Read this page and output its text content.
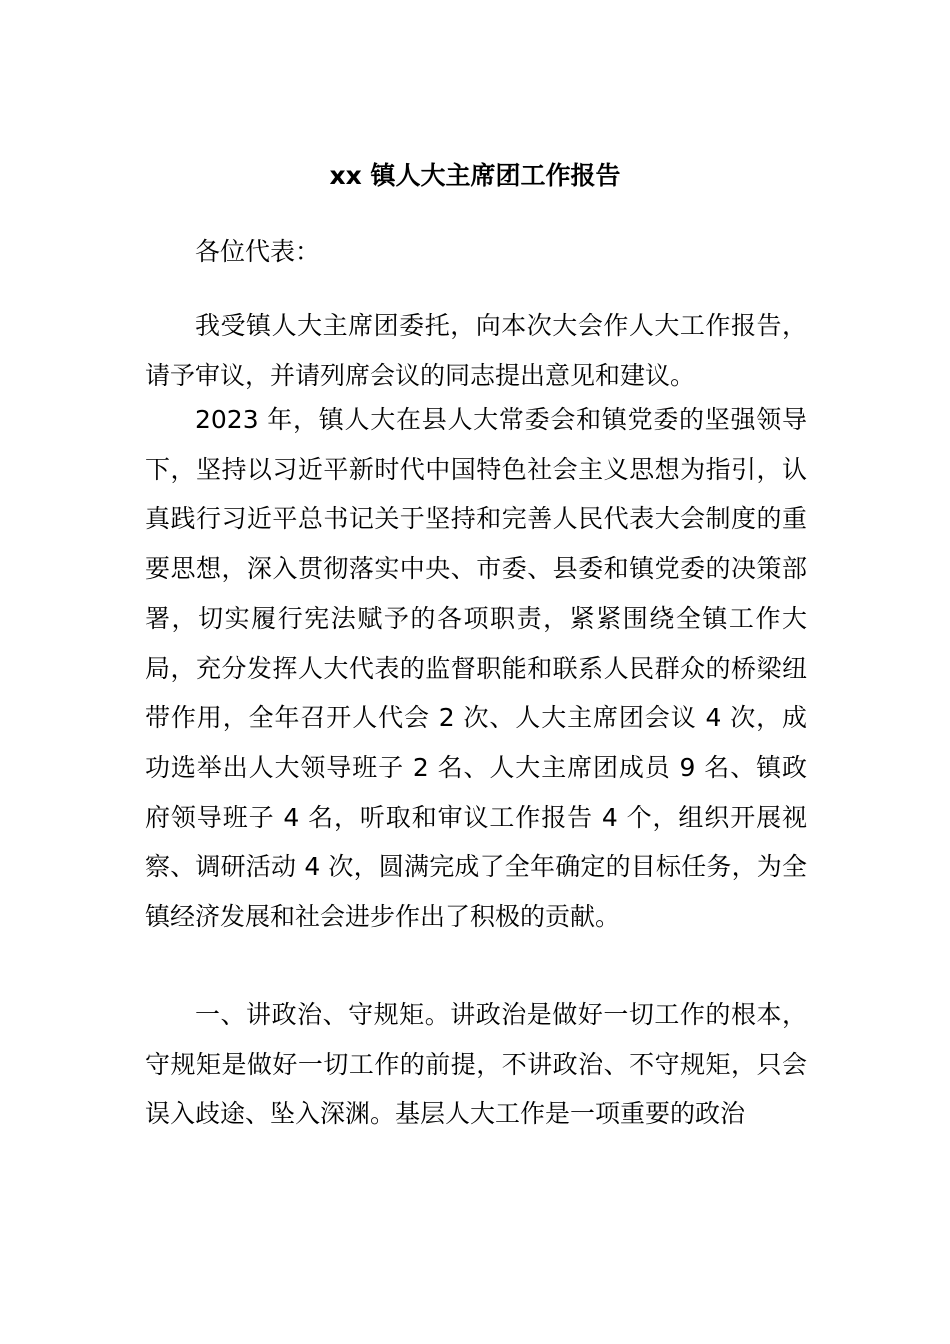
xx 镇人大主席团工作报告
各位代表：
我受镇人大主席团委托，向本次大会作人大工作报告，请予审议，并请列席会议的同志提出意见和建议。
2023 年，镇人大在县人大常委会和镇党委的坚强领导下，坚持以习近平新时代中国特色社会主义思想为指引，认真践行习近平总书记关于坚持和完善人民代表大会制度的重要思想，深入贯彻落实中央、市委、县委和镇党委的决策部署，切实履行宪法赋予的各项职责，紧紧围绕全镇工作大局，充分发挥人大代表的监督职能和联系人民群众的桥梁纽带作用，全年召开人代会 2 次、人大主席团会议 4 次，成功选举出人大领导班子 2 名、人大主席团成员 9 名、镇政府领导班子 4 名，听取和审议工作报告 4 个，组织开展视察、调研活动 4 次，圆满完成了全年确定的目标任务，为全镇经济发展和社会进步作出了积极的贡献。
一、讲政治、守规矩。讲政治是做好一切工作的根本，守规矩是做好一切工作的前提，不讲政治、不守规矩，只会误入歧途、坠入深渊。基层人大工作是一项重要的政治
